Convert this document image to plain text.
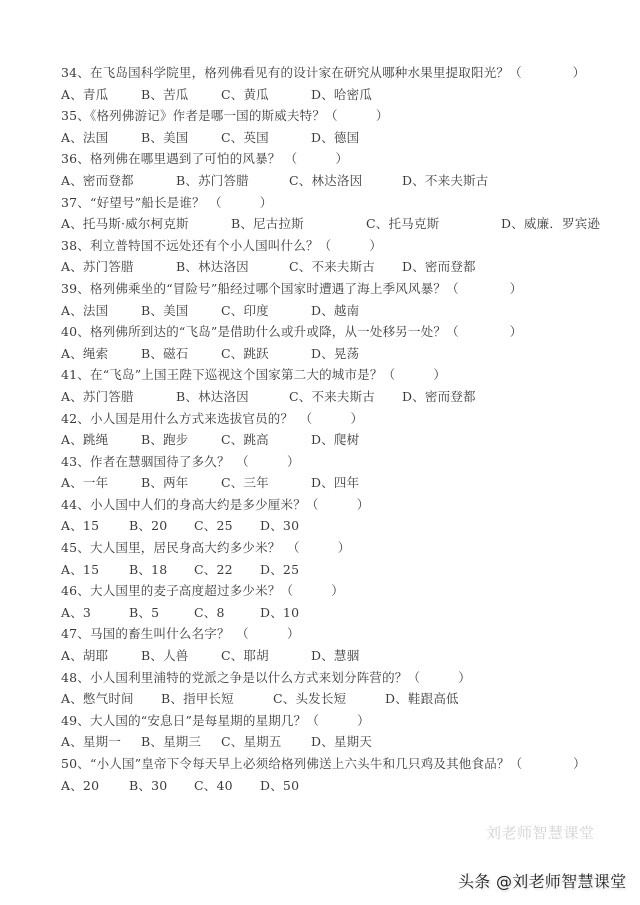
34、在飞岛国科学院里，格列佛看见有的设计家在研究从哪种水果里提取阳光？（　　　　）
A、青瓜	B、苦瓜	C、黄瓜	D、哈密瓜
35、《格列佛游记》作者是哪一国的斯威夫特？（　　　）
A、法国	B、美国	C、英国	D、德国
36、格列佛在哪里遇到了可怕的风暴？ （　　　）
A、密而登都	B、苏门答腊	C、林达洛因	D、不来夫斯古
37、“好望号”船长是谁？ （　　　）
A、托马斯·威尔柯克斯	B、尼古拉斯	C、托马克斯	D、威廉．罗宾逊
38、利立普特国不远处还有个小人国叫什么？（　　　）
A、苏门答腊	B、林达洛因	C、不来夫斯古	D、密而登都
39、格列佛乘坐的“冒险号”船经过哪个国家时遭遇了海上季风风暴？（　　　　）
A、法国	B、美国	C、印度	D、越南
40、格列佛所到达的“飞岛”是借助什么或升或降，从一处移另一处？（　　　　）
A、绳索	B、磁石	C、跳跃	D、晃荡
41、在“飞岛”上国王陛下巡视这个国家第二大的城市是？（　　　）
A、苏门答腊	B、林达洛因	C、不来夫斯古	D、密而登都
42、小人国是用什么方式来选拔官员的？　（　　　）
A、跳绳	B、跑步	C、跳高	D、爬树
43、作者在慧骃国待了多久？　（　　　）
A、一年	B、两年	C、三年	D、四年
44、小人国中人们的身高大约是多少厘米？（　　　）
A、15	B、20	C、25	D、30
45、大人国里，居民身高大约多少米？　（　　　）
A、15	B、18	C、22	D、25
46、大人国里的麦子高度超过多少米？（　　　）
A、3	B、5	C、8	D、10
47、马国的畜生叫什么名字？　（　　　）
A、胡耶	B、人兽	C、耶胡	D、慧骃
48、小人国利里浦特的党派之争是以什么方式来划分阵营的？（　　　）
A、憋气时间	B、指甲长短	C、头发长短	D、鞋跟高低
49、大人国的“安息日”是每星期的星期几？（　　　）
A、星期一	B、星期三	C、星期五	D、星期天
50、“小人国”皇帝下令每天早上必须给格列佛送上六头牛和几只鸡及其他食品？（　　　　）
A、20	B、30	C、40	D、50
刘老师智慧课堂
头条 @刘老师智慧课堂
